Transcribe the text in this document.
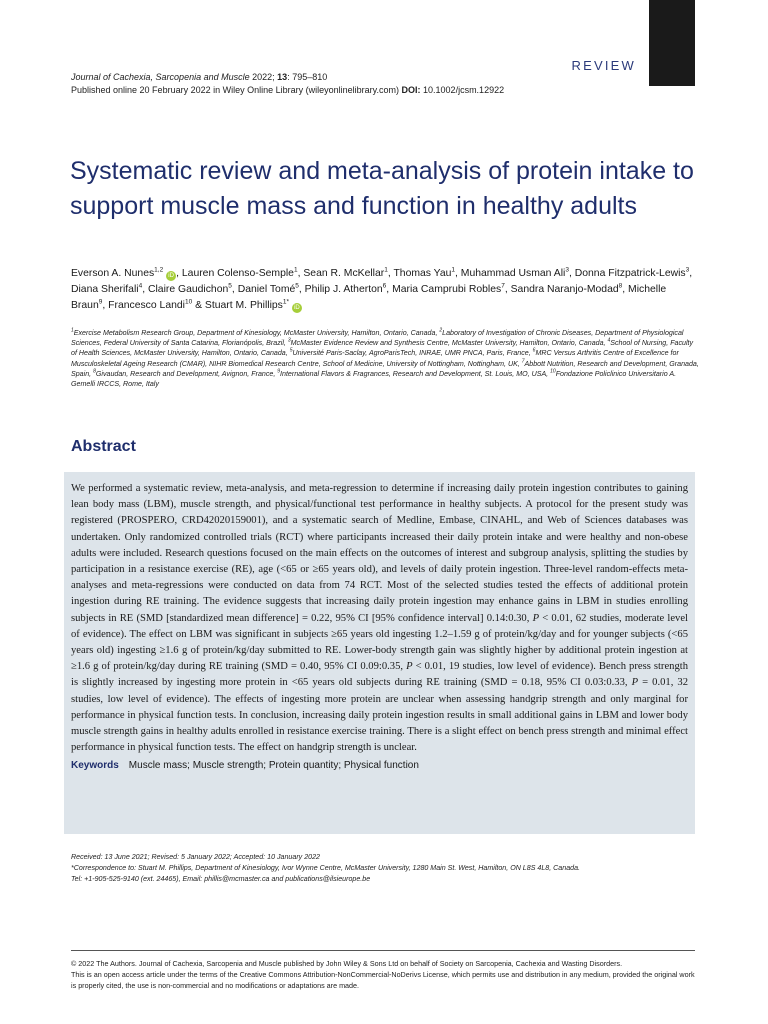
REVIEW
Journal of Cachexia, Sarcopenia and Muscle 2022; 13: 795–810
Published online 20 February 2022 in Wiley Online Library (wileyonlinelibrary.com) DOI: 10.1002/jcsm.12922
Systematic review and meta-analysis of protein intake to support muscle mass and function in healthy adults
Everson A. Nunes$^{1,2}$ iD , Lauren Colenso-Semple$^1$, Sean R. McKellar$^1$, Thomas Yau$^1$, Muhammad Usman Ali$^3$, Donna Fitzpatrick-Lewis$^3$, Diana Sherifali$^4$, Claire Gaudichon$^5$, Daniel Tomé$^5$, Philip J. Atherton$^6$, Maria Camprubi Robles$^7$, Sandra Naranjo-Modad$^8$, Michelle Braun$^9$, Francesco Landi$^{10}$ & Stuart M. Phillips$^{1*}$ iD
$^1$Exercise Metabolism Research Group, Department of Kinesiology, McMaster University, Hamilton, Ontario, Canada, $^2$Laboratory of Investigation of Chronic Diseases, Department of Physiological Sciences, Federal University of Santa Catarina, Florianópolis, Brazil, $^3$McMaster Evidence Review and Synthesis Centre, McMaster University, Hamilton, Ontario, Canada, $^4$School of Nursing, Faculty of Health Sciences, McMaster University, Hamilton, Ontario, Canada, $^5$Université Paris-Saclay, AgroParisTech, INRAE, UMR PNCA, Paris, France, $^6$MRC Versus Arthritis Centre of Excellence for Musculoskeletal Ageing Research (CMAR), NIHR Biomedical Research Centre, School of Medicine, University of Nottingham, Nottingham, UK, $^7$Abbott Nutrition, Research and Development, Granada, Spain, $^8$Givaudan, Research and Development, Avignon, France, $^9$International Flavors & Fragrances, Research and Development, St. Louis, MO, USA, $^{10}$Fondazione Policlinico Universitario A. Gemelli IRCCS, Rome, Italy
Abstract

We performed a systematic review, meta-analysis, and meta-regression to determine if increasing daily protein ingestion contributes to gaining lean body mass (LBM), muscle strength, and physical/functional test performance in healthy subjects. A protocol for the present study was registered (PROSPERO, CRD42020159001), and a systematic search of Medline, Embase, CINAHL, and Web of Sciences databases was undertaken. Only randomized controlled trials (RCT) where participants increased their daily protein intake and were healthy and non-obese adults were included. Research questions focused on the main effects on the outcomes of interest and subgroup analysis, splitting the studies by participation in a resistance exercise (RE), age (<65 or ≥65 years old), and levels of daily protein ingestion. Three-level random-effects meta-analyses and meta-regressions were conducted on data from 74 RCT. Most of the selected studies tested the effects of additional protein ingestion during RE training. The evidence suggests that increasing daily protein ingestion may enhance gains in LBM in studies enrolling subjects in RE (SMD [standardized mean difference] = 0.22, 95% CI [95% confidence interval] 0.14:0.30, P < 0.01, 62 studies, moderate level of evidence). The effect on LBM was significant in subjects ≥65 years old ingesting 1.2–1.59 g of protein/kg/day and for younger subjects (<65 years old) ingesting ≥1.6 g of protein/kg/day submitted to RE. Lower-body strength gain was slightly higher by additional protein ingestion at ≥1.6 g of protein/kg/day during RE training (SMD = 0.40, 95% CI 0.09:0.35, P < 0.01, 19 studies, low level of evidence). Bench press strength is slightly increased by ingesting more protein in <65 years old subjects during RE training (SMD = 0.18, 95% CI 0.03:0.33, P = 0.01, 32 studies, low level of evidence). The effects of ingesting more protein are unclear when assessing handgrip strength and only marginal for performance in physical function tests. In conclusion, increasing daily protein ingestion results in small additional gains in LBM and lower body muscle strength gains in healthy adults enrolled in resistance exercise training. There is a slight effect on bench press strength and minimal effect performance in physical function tests. The effect on handgrip strength is unclear.

Keywords Muscle mass; Muscle strength; Protein quantity; Physical function
Received: 13 June 2021; Revised: 5 January 2022; Accepted: 10 January 2022
*Correspondence to: Stuart M. Phillips, Department of Kinesiology, Ivor Wynne Centre, McMaster University, 1280 Main St. West, Hamilton, ON L8S 4L8, Canada.
Tel: +1-905-525-9140 (ext. 24465), Email: phillis@mcmaster.ca and publications@ilsieurope.be
© 2022 The Authors. Journal of Cachexia, Sarcopenia and Muscle published by John Wiley & Sons Ltd on behalf of Society on Sarcopenia, Cachexia and Wasting Disorders.
This is an open access article under the terms of the Creative Commons Attribution-NonCommercial-NoDerivs License, which permits use and distribution in any medium, provided the original work is properly cited, the use is non-commercial and no modifications or adaptations are made.
